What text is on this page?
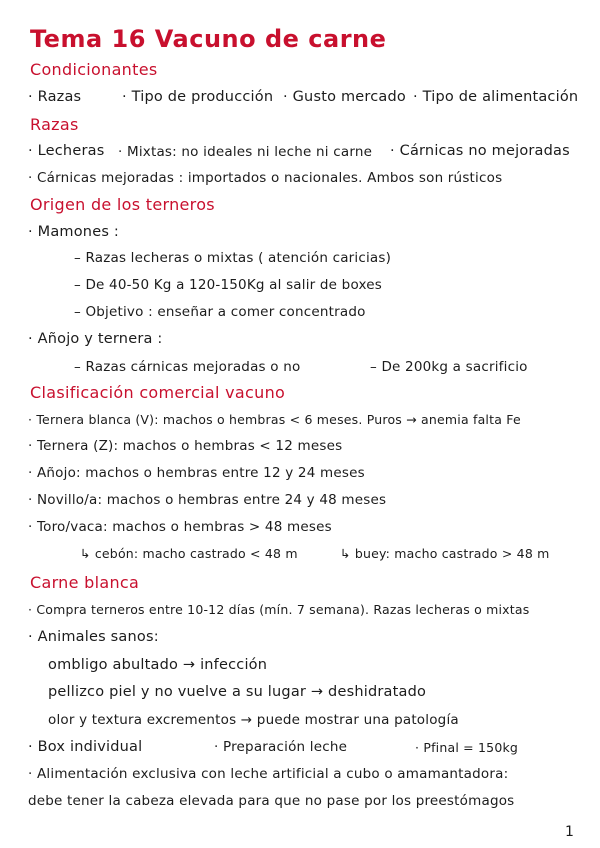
Tema 16 Vacuno de carne
Condicionantes
· Razas	· Tipo de producción · Gusto mercado · Tipo de alimentación
Razas
· Lecheras · Mixtas: no ideales ni leche ni carne · Cárnicas no mejoradas
· Cárnicas mejoradas : importados o nacionales. Ambos son rústicos
Origen de los terneros
· Mamones :
– Razas lecheras o mixtas ( atención caricias)
– De 40-50 Kg a 120-150Kg al salir de boxes
– Objetivo : enseñar a comer concentrado
· Añojo y ternera :
– Razas cárnicas mejoradas o no	– De 200kg a sacrificio
Clasificación comercial vacuno
· Ternera blanca (V): machos o hembras < 6 meses. Puros → anemia falta Fe
· Ternera (Z): machos o hembras < 12 meses
· Añojo: machos o hembras entre 12 y 24 meses
· Novillo/a: machos o hembras entre 24 y 48 meses
· Toro/vaca: machos o hembras > 48 meses
↳ cebón: macho castrado < 48 m	↳ buey: macho castrado > 48 m
Carne blanca
· Compra terneros entre 10-12 días (mín. 7 semana). Razas lecheras o mixtas
· Animales sanos:
ombligo abultado → infección
pellizco piel y no vuelve a su lugar → deshidratado
olor y textura excrementos → puede mostrar una patología
· Box individual	· Preparación leche	· Pfinal = 150kg
· Alimentación exclusiva con leche artificial a cubo o amamantadora:
debe tener la cabeza elevada para que no pase por los preestómagos
1
